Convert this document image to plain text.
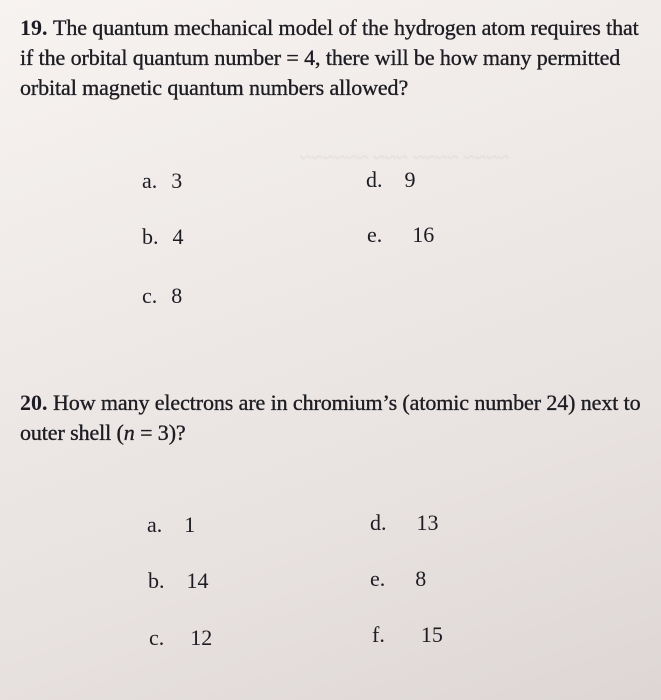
​~~~~ ~~~~ ~~~ ~~~~~~
19. The quantum mechanical model of the hydrogen atom requires that if the orbital quantum number = 4, there will be how many permitted orbital magnetic quantum numbers allowed?
a. 3
b. 4
c. 8
d. 9
e. 16
20. How many electrons are in chromium’s (atomic number 24) next to outer shell (n = 3)?
a. 1
b. 14
c. 12
d. 13
e. 8
f. 15
